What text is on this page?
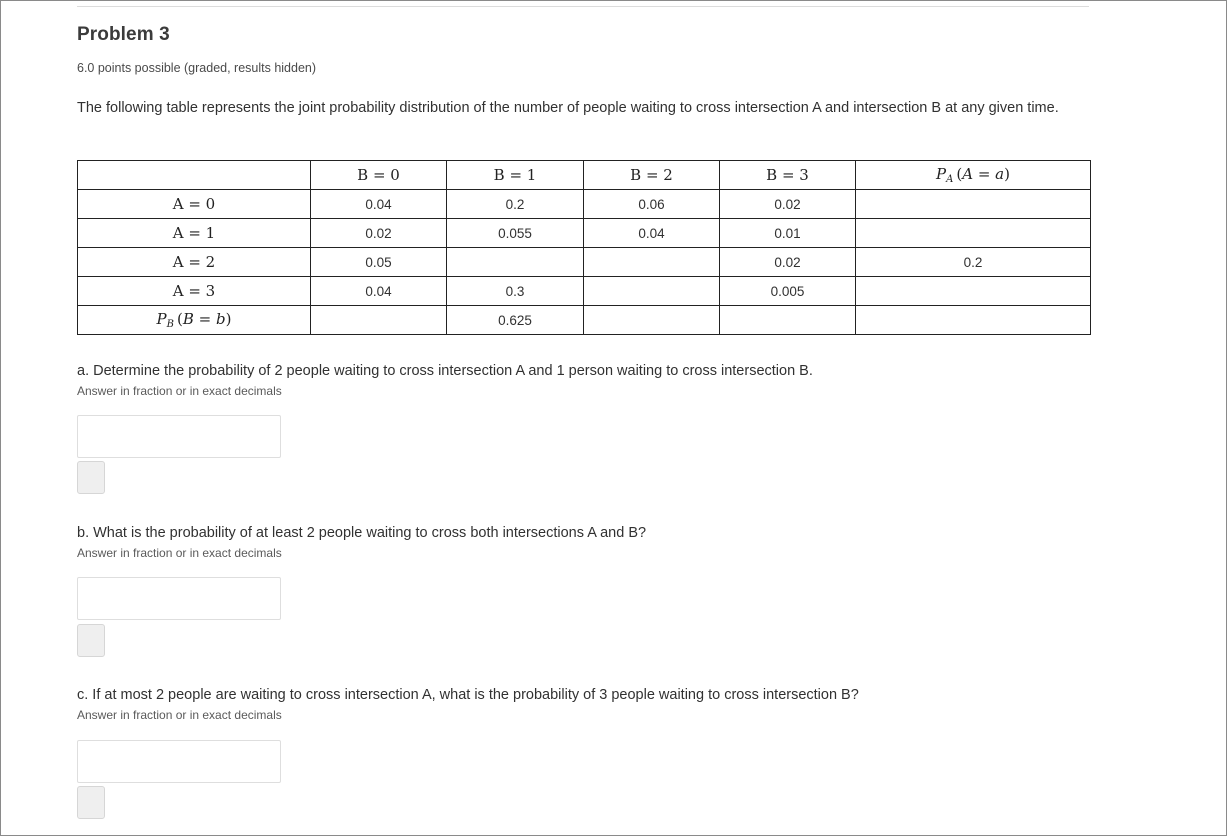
Problem 3
6.0 points possible (graded, results hidden)
The following table represents the joint probability distribution of the number of people waiting to cross intersection A and intersection B at any given time.
	B = 0	B = 1	B = 2	B = 3	$P_A$ (A = a)
A = 0	0.04	0.2	0.06	0.02	
A = 1	0.02	0.055	0.04	0.01	
A = 2	0.05			0.02	0.2
A = 3	0.04	0.3		0.005	
$P_B$ (B = b)		0.625			
a. Determine the probability of 2 people waiting to cross intersection A and 1 person waiting to cross intersection B.
Answer in fraction or in exact decimals
b. What is the probability of at least 2 people waiting to cross both intersections A and B?
Answer in fraction or in exact decimals
c. If at most 2 people are waiting to cross intersection A, what is the probability of 3 people waiting to cross intersection B?
Answer in fraction or in exact decimals
